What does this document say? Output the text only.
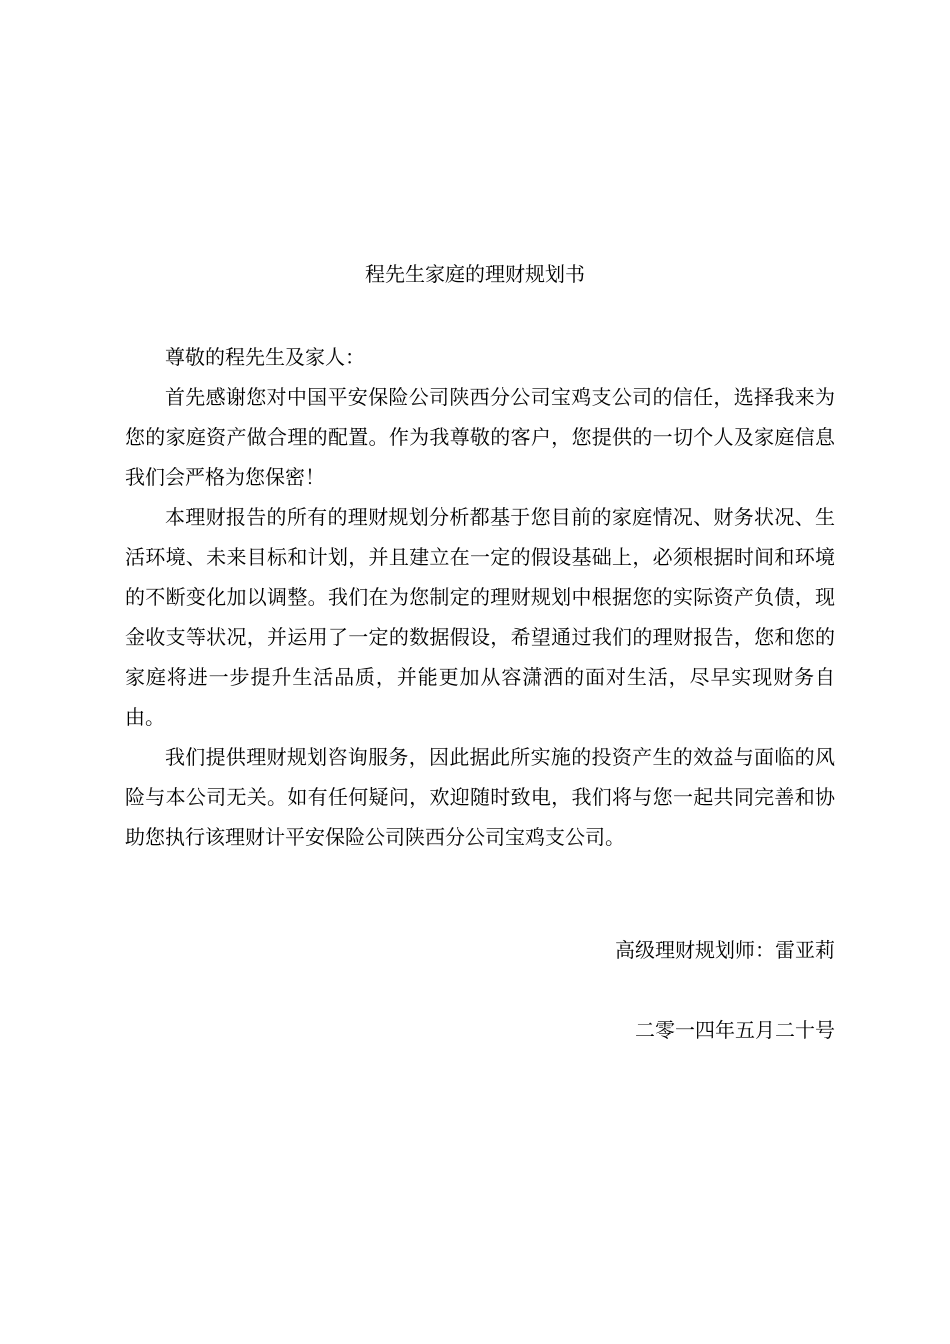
程先生家庭的理财规划书

尊敬的程先生及家人：

首先感谢您对中国平安保险公司陕西分公司宝鸡支公司的信任，选择我来为您的家庭资产做合理的配置。作为我尊敬的客户，您提供的一切个人及家庭信息我们会严格为您保密！

本理财报告的所有的理财规划分析都基于您目前的家庭情况、财务状况、生活环境、未来目标和计划，并且建立在一定的假设基础上，必须根据时间和环境的不断变化加以调整。我们在为您制定的理财规划中根据您的实际资产负债，现金收支等状况，并运用了一定的数据假设，希望通过我们的理财报告，您和您的家庭将进一步提升生活品质，并能更加从容潇洒的面对生活，尽早实现财务自由。

我们提供理财规划咨询服务，因此据此所实施的投资产生的效益与面临的风险与本公司无关。如有任何疑问，欢迎随时致电，我们将与您一起共同完善和协助您执行该理财计平安保险公司陕西分公司宝鸡支公司。

高级理财规划师：雷亚莉
二零一四年五月二十号
